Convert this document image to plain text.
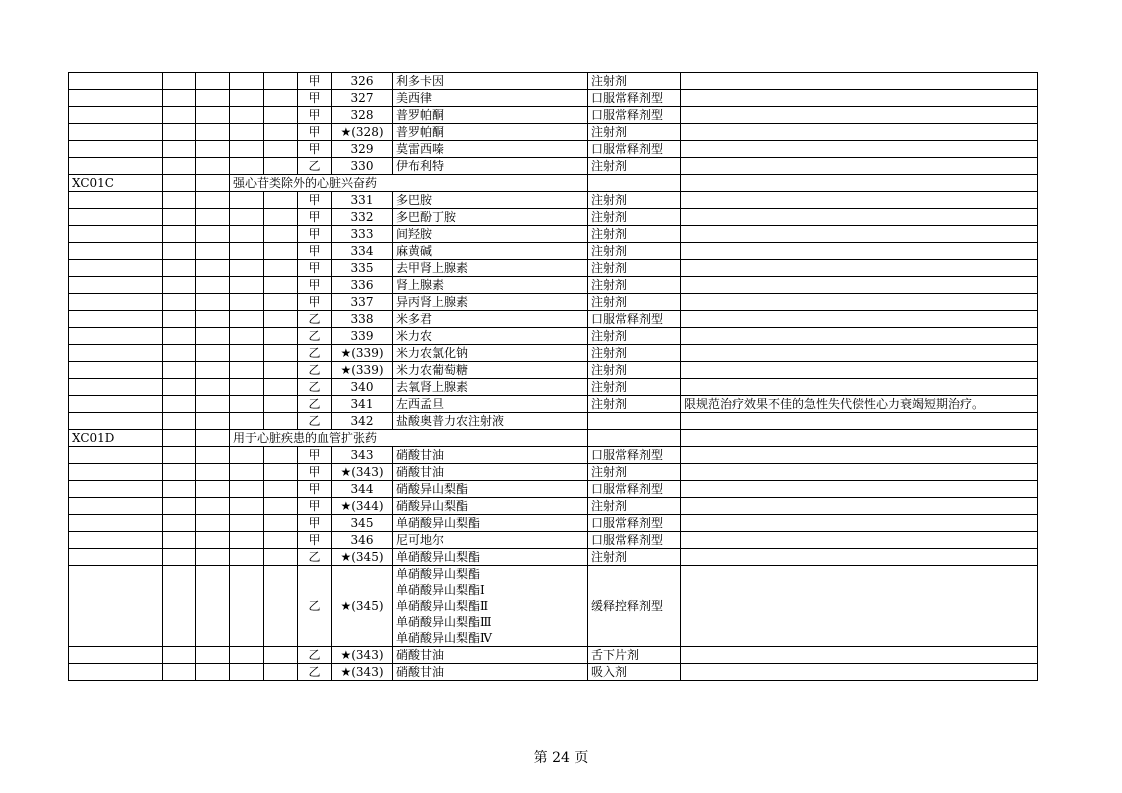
					甲	326	利多卡因	注射剂	
					甲	327	美西律	口服常释剂型	
					甲	328	普罗帕酮	口服常释剂型	
					甲	★(328)	普罗帕酮	注射剂	
					甲	329	莫雷西嗪	口服常释剂型	
					乙	330	伊布利特	注射剂	
XC01C			强心苷类除外的心脏兴奋药						
					甲	331	多巴胺	注射剂	
					甲	332	多巴酚丁胺	注射剂	
					甲	333	间羟胺	注射剂	
					甲	334	麻黄碱	注射剂	
					甲	335	去甲肾上腺素	注射剂	
					甲	336	肾上腺素	注射剂	
					甲	337	异丙肾上腺素	注射剂	
					乙	338	米多君	口服常释剂型	
					乙	339	米力农	注射剂	
					乙	★(339)	米力农氯化钠	注射剂	
					乙	★(339)	米力农葡萄糖	注射剂	
					乙	340	去氧肾上腺素	注射剂	
					乙	341	左西孟旦	注射剂	限规范治疗效果不佳的急性失代偿性心力衰竭短期治疗。
					乙	342	盐酸奥普力农注射液		
XC01D			用于心脏疾患的血管扩张药						
					甲	343	硝酸甘油	口服常释剂型	
					甲	★(343)	硝酸甘油	注射剂	
					甲	344	硝酸异山梨酯	口服常释剂型	
					甲	★(344)	硝酸异山梨酯	注射剂	
					甲	345	单硝酸异山梨酯	口服常释剂型	
					甲	346	尼可地尔	口服常释剂型	
					乙	★(345)	单硝酸异山梨酯	注射剂	
					乙	★(345)	单硝酸异山梨酯
单硝酸异山梨酯Ⅰ
单硝酸异山梨酯Ⅱ
单硝酸异山梨酯Ⅲ
单硝酸异山梨酯Ⅳ	缓释控释剂型	
					乙	★(343)	硝酸甘油	舌下片剂	
					乙	★(343)	硝酸甘油	吸入剂	
第 24 页
